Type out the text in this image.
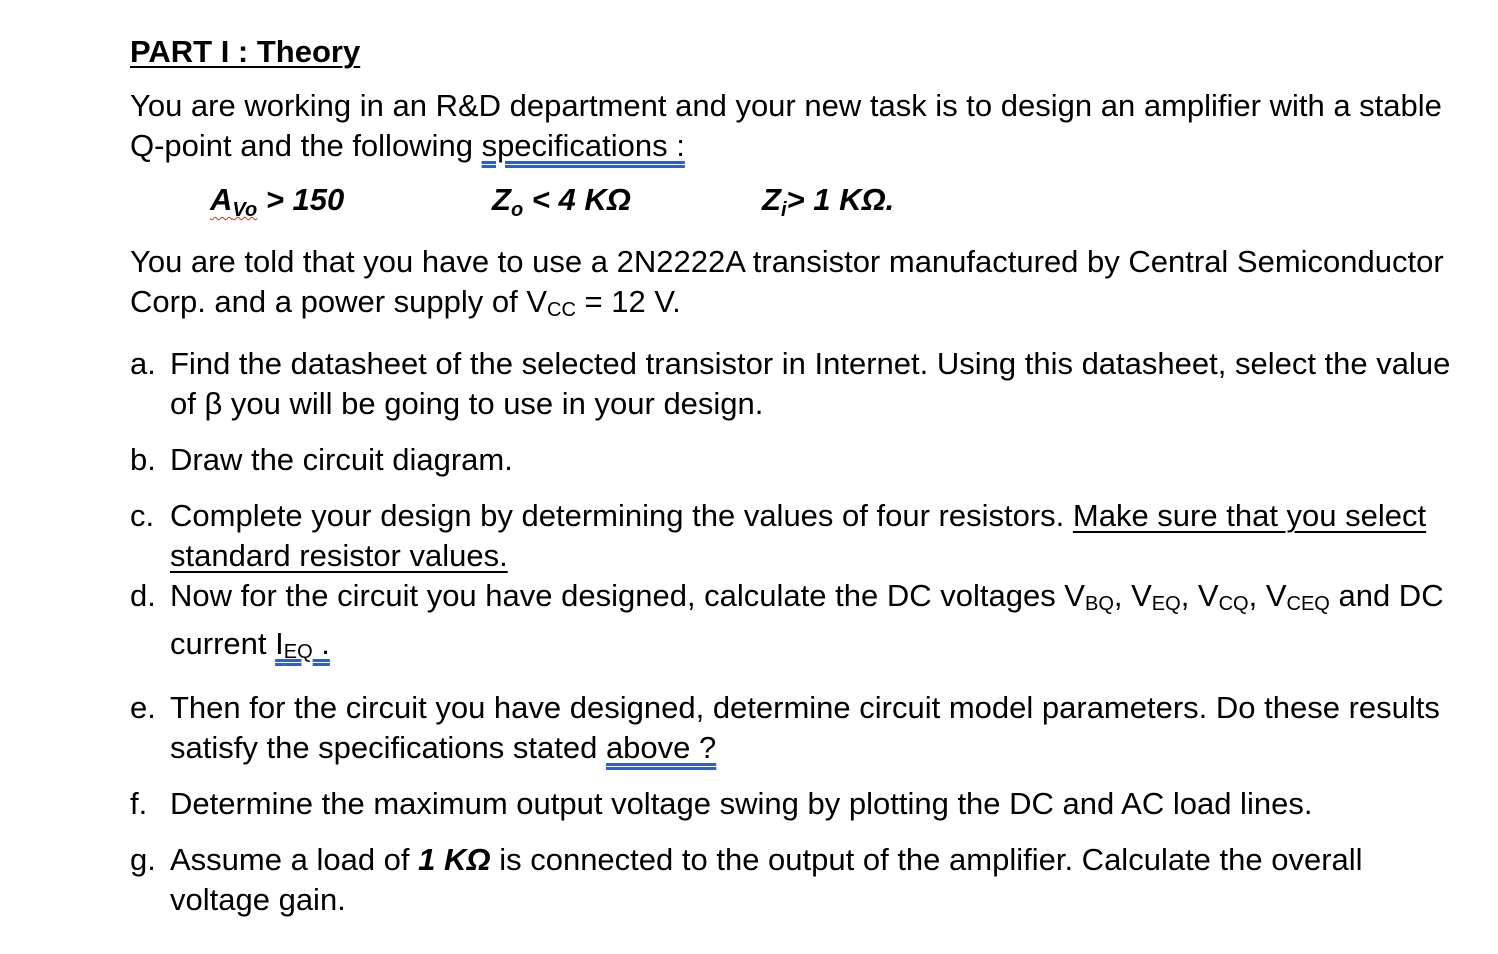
PART I : Theory

You are working in an R&D department and your new task is to design an amplifier with a stable Q-point and the following specifications :

$A_{Vo} > 150$	$Z_o < 4$ KΩ	$Z_i> 1$ KΩ.

You are told that you have to use a 2N2222A transistor manufactured by Central Semiconductor Corp. and a power supply of $V_{CC} = 12$ V.

a. Find the datasheet of the selected transistor in Internet. Using this datasheet, select the value of β you will be going to use in your design.
b. Draw the circuit diagram.
c. Complete your design by determining the values of four resistors. Make sure that you select standard resistor values.
d. Now for the circuit you have designed, calculate the DC voltages $V_{BQ}$, $V_{EQ}$, $V_{CQ}$, $V_{CEQ}$ and DC current $I_{EQ}$ .
e. Then for the circuit you have designed, determine circuit model parameters. Do these results satisfy the specifications stated above ?
f. Determine the maximum output voltage swing by plotting the DC and AC load lines.
g. Assume a load of 1 KΩ is connected to the output of the amplifier. Calculate the overall voltage gain.
